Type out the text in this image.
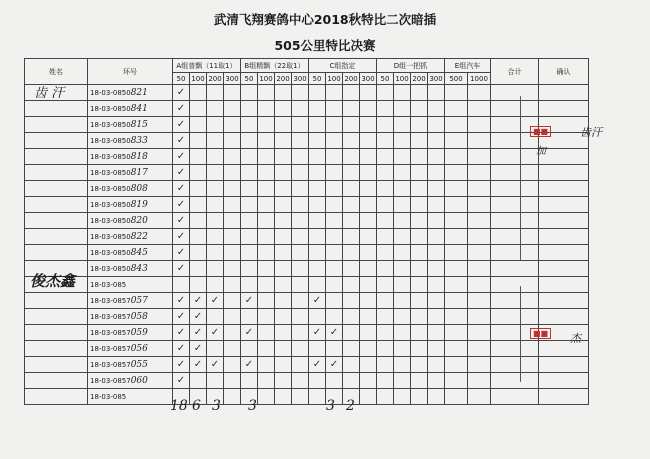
武清飞翔赛鸽中心2018秋特比二次暗插
505公里特比决赛
姓名	环号	A组普飘（11取1）				B组精飘（22取1）				C组指定				D组一把抓				E组汽车		合计	确认
		50	100	200	300	50	100	200	300	50	100	200	300	50	100	200	300	500	1000		
	18-03-0850821	✓																			
	18-03-0850841	✓																			
	18-03-0850815	✓																			
	18-03-0850833	✓																			
	18-03-0850818	✓																			
	18-03-0850817	✓																			
	18-03-0850808	✓																			
	18-03-0850819	✓																			
	18-03-0850820	✓																			
	18-03-0850822	✓																			
	18-03-0850845	✓																			
	18-03-0850843	✓																			
	18-03-085																				
	18-03-0857057	✓	✓	✓		✓				✓											
	18-03-0857058	✓	✓																		
	18-03-0857059	✓	✓	✓		✓				✓	✓										
	18-03-0857056	✓	✓																		
	18-03-0857055	✓	✓	✓		✓				✓	✓										
	18-03-0857060	✓																			
	18-03-085																				
齿 汗
俊杰鑫
■■	齿汗
加
■■ 杰
18 6 3 3	3 2
